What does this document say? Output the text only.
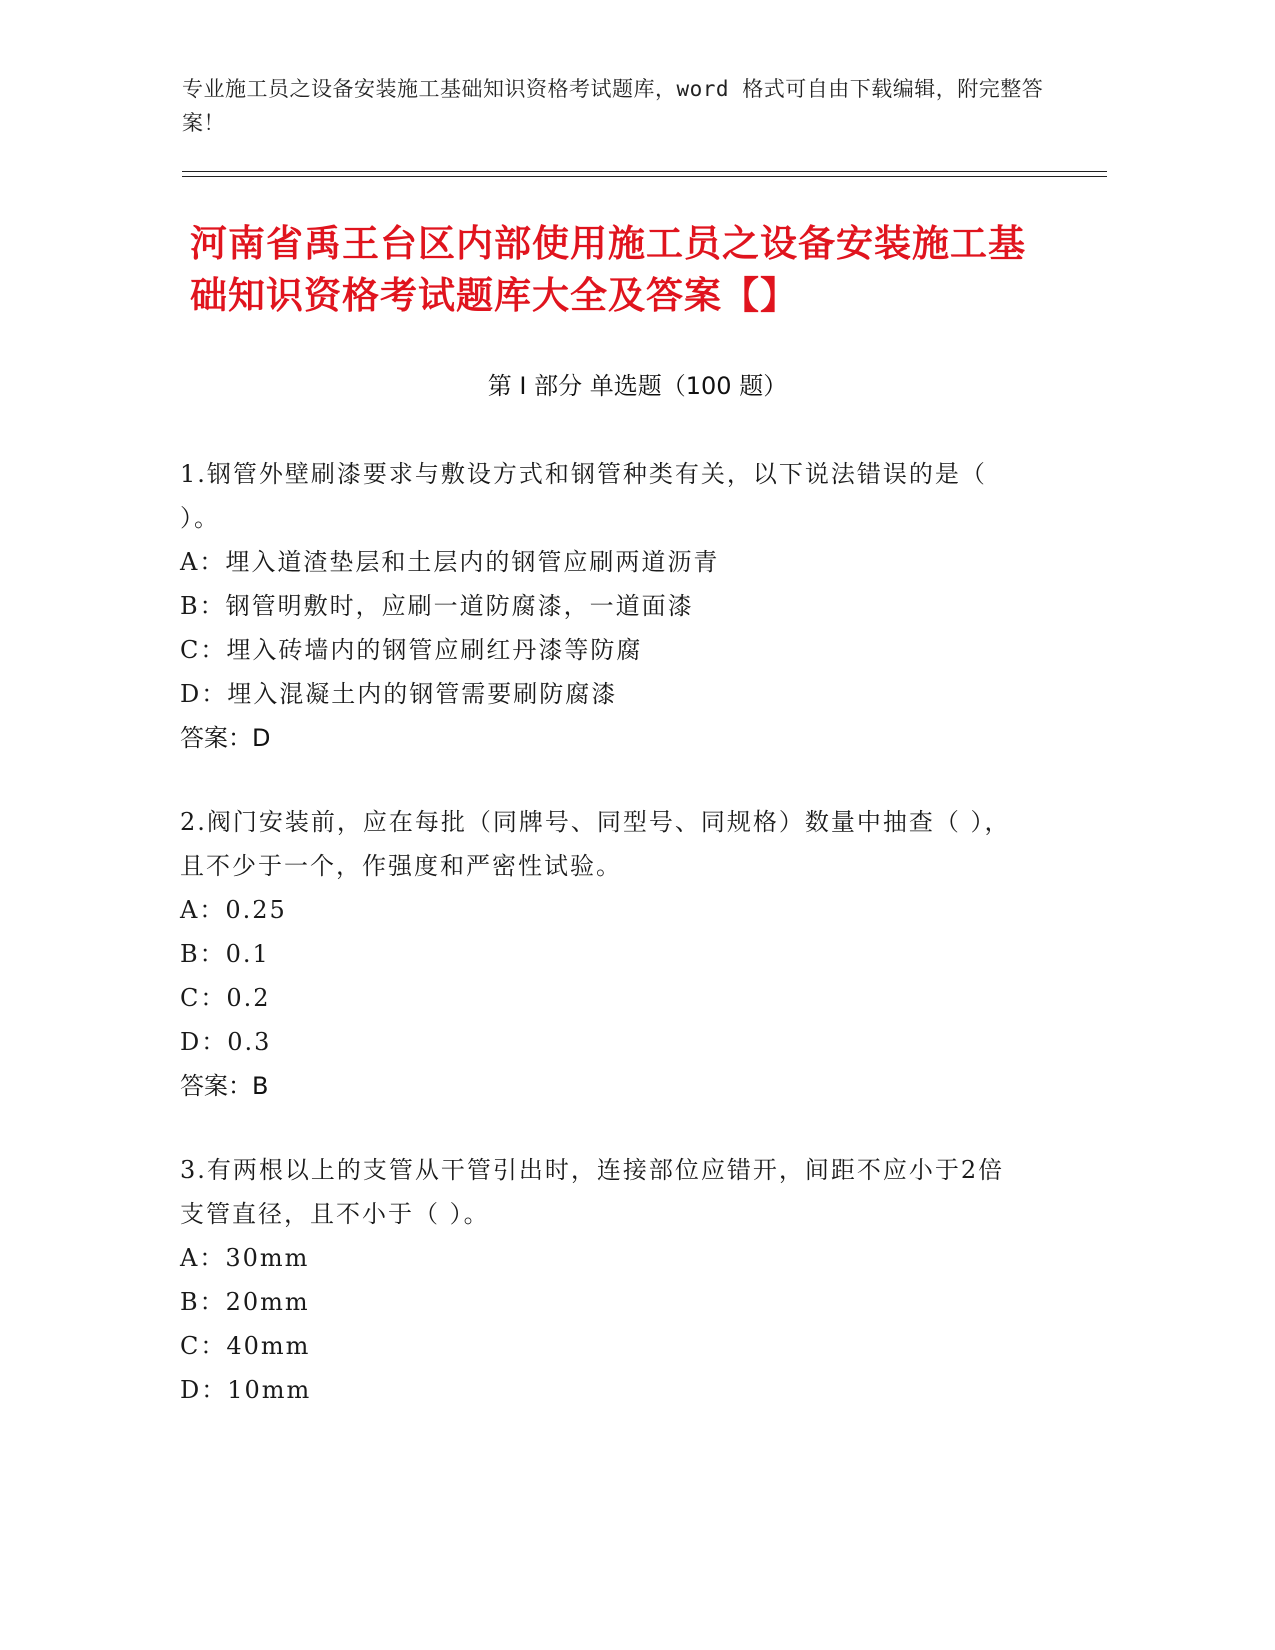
专业施工员之设备安装施工基础知识资格考试题库，word 格式可自由下载编辑，附完整答案！
河南省禹王台区内部使用施工员之设备安装施工基础知识资格考试题库大全及答案【】
第 I 部分 单选题（100 题）
1.钢管外壁刷漆要求与敷设方式和钢管种类有关，以下说法错误的是（ ）。
A：埋入道渣垫层和土层内的钢管应刷两道沥青
B：钢管明敷时，应刷一道防腐漆，一道面漆
C：埋入砖墙内的钢管应刷红丹漆等防腐
D：埋入混凝土内的钢管需要刷防腐漆
答案：D
2.阀门安装前，应在每批（同牌号、同型号、同规格）数量中抽查（ ），且不少于一个，作强度和严密性试验。
A：0.25
B：0.1
C：0.2
D：0.3
答案：B
3.有两根以上的支管从干管引出时，连接部位应错开，间距不应小于2倍支管直径，且不小于（ ）。
A：30mm
B：20mm
C：40mm
D：10mm
